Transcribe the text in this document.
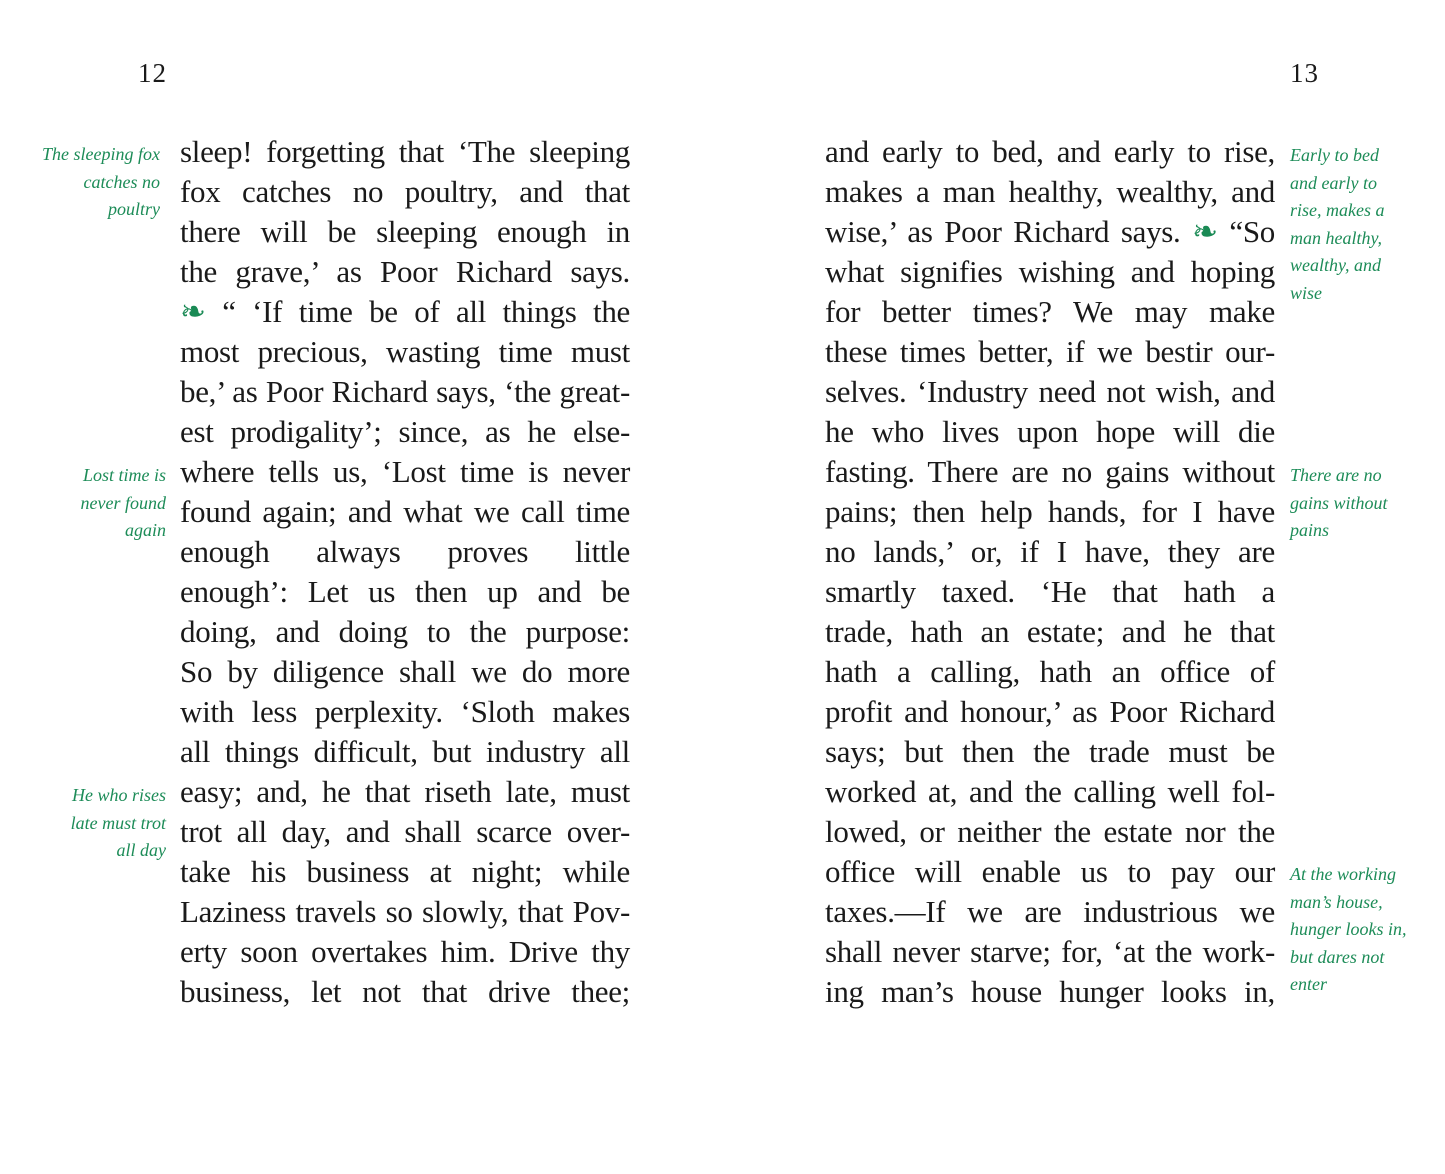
12	13
The sleeping fox
catches no
poultry
Lost time is
never found
again
He who rises
late must trot
all day
sleep! forgetting that ‘The sleeping
fox catches no poultry, and that
there will be sleeping enough in
the grave,’ as Poor Richard says.
❧ “ ‘If time be of all things the
most precious, wasting time must
be,’ as Poor Richard says, ‘the great-
est prodigality’; since, as he else-
where tells us, ‘Lost time is never
found again; and what we call time
enough always proves little
enough’: Let us then up and be
doing, and doing to the purpose:
So by diligence shall we do more
with less perplexity. ‘Sloth makes
all things difficult, but industry all
easy; and, he that riseth late, must
trot all day, and shall scarce over-
take his business at night; while
Laziness travels so slowly, that Pov-
erty soon overtakes him. Drive thy
business, let not that drive thee;
and early to bed, and early to rise,
makes a man healthy, wealthy, and
wise,’ as Poor Richard says. ❧ “So
what signifies wishing and hoping
for better times? We may make
these times better, if we bestir our-
selves. ‘Industry need not wish, and
he who lives upon hope will die
fasting. There are no gains without
pains; then help hands, for I have
no lands,’ or, if I have, they are
smartly taxed. ‘He that hath a
trade, hath an estate; and he that
hath a calling, hath an office of
profit and honour,’ as Poor Richard
says; but then the trade must be
worked at, and the calling well fol-
lowed, or neither the estate nor the
office will enable us to pay our
taxes.—If we are industrious we
shall never starve; for, ‘at the work-
ing man’s house hunger looks in,
Early to bed
and early to
rise, makes a
man healthy,
wealthy, and
wise
There are no
gains without
pains
At the working
man’s house,
hunger looks in,
but dares not
enter
